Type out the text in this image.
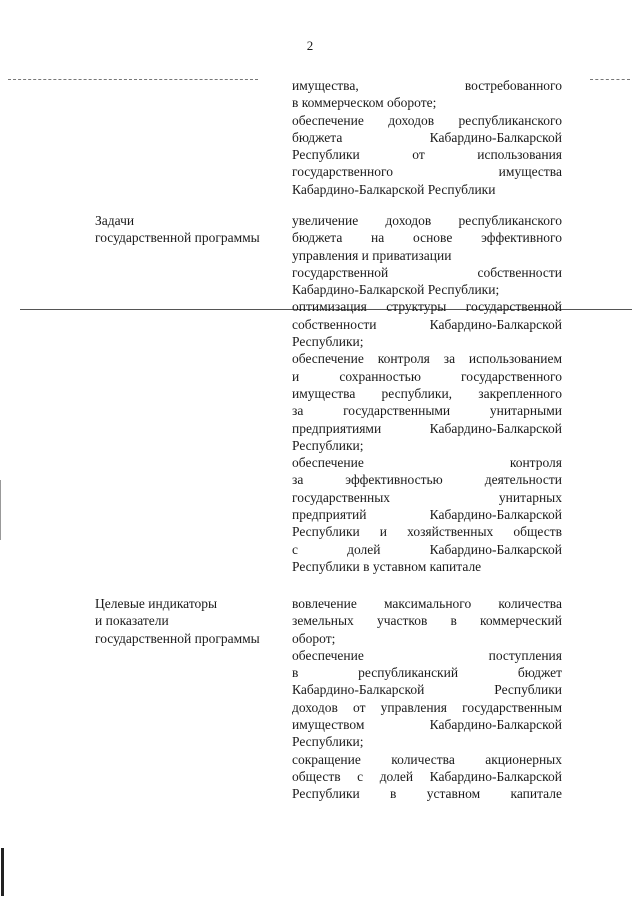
2
имущества, востребованного
в коммерческом обороте;
обеспечение доходов республиканского
бюджета Кабардино-Балкарской
Республики от использования
государственного имущества
Кабардино-Балкарской Республики
Задачи
государственной программы
увеличение доходов республиканского
бюджета на основе эффективного
управления и приватизации
государственной собственности
Кабардино-Балкарской Республики;
оптимизация структуры государственной
собственности Кабардино-Балкарской
Республики;
обеспечение контроля за использованием
и сохранностью государственного
имущества республики, закрепленного
за государственными унитарными
предприятиями Кабардино-Балкарской
Республики;
обеспечение контроля
за эффективностью деятельности
государственных унитарных
предприятий Кабардино-Балкарской
Республики и хозяйственных обществ
с долей Кабардино-Балкарской
Республики в уставном капитале
Целевые индикаторы
и показатели
государственной программы
вовлечение максимального количества
земельных участков в коммерческий
оборот;
обеспечение поступления
в республиканский бюджет
Кабардино-Балкарской Республики
доходов от управления государственным
имуществом Кабардино-Балкарской
Республики;
сокращение количества акционерных
обществ с долей Кабардино-Балкарской
Республики в уставном капитале
